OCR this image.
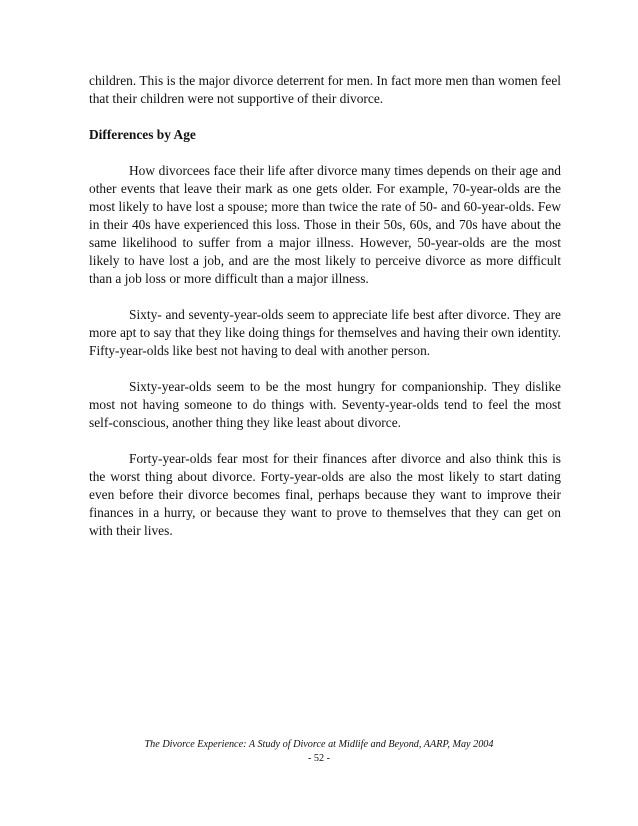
children. This is the major divorce deterrent for men. In fact more men than women feel that their children were not supportive of their divorce.

Differences by Age

How divorcees face their life after divorce many times depends on their age and other events that leave their mark as one gets older. For example, 70-year-olds are the most likely to have lost a spouse; more than twice the rate of 50- and 60-year-olds. Few in their 40s have experienced this loss. Those in their 50s, 60s, and 70s have about the same likelihood to suffer from a major illness. However, 50-year-olds are the most likely to have lost a job, and are the most likely to perceive divorce as more difficult than a job loss or more difficult than a major illness.

Sixty- and seventy-year-olds seem to appreciate life best after divorce. They are more apt to say that they like doing things for themselves and having their own identity. Fifty-year-olds like best not having to deal with another person.

Sixty-year-olds seem to be the most hungry for companionship. They dislike most not having someone to do things with. Seventy-year-olds tend to feel the most self-conscious, another thing they like least about divorce.

Forty-year-olds fear most for their finances after divorce and also think this is the worst thing about divorce. Forty-year-olds are also the most likely to start dating even before their divorce becomes final, perhaps because they want to improve their finances in a hurry, or because they want to prove to themselves that they can get on with their lives.

The Divorce Experience: A Study of Divorce at Midlife and Beyond, AARP, May 2004
- 52 -
